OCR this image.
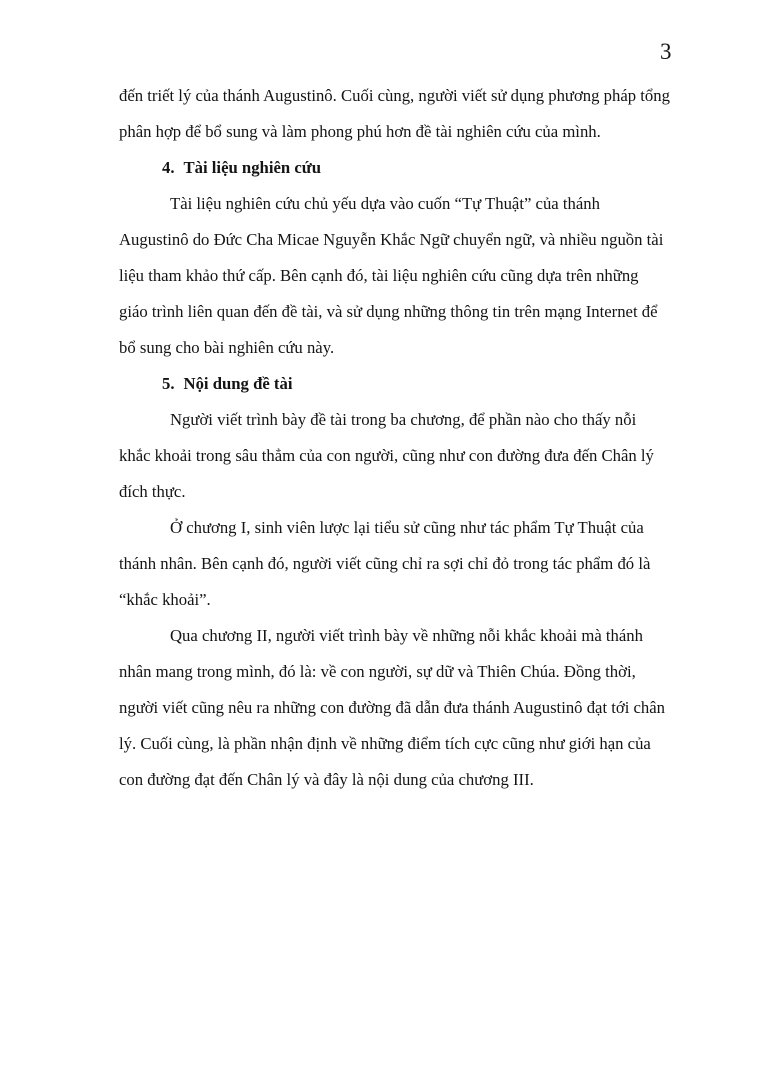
3

đến triết lý của thánh Augustinô. Cuối cùng, người viết sử dụng phương pháp tổng phân hợp để bổ sung và làm phong phú hơn đề tài nghiên cứu của mình.

4. Tài liệu nghiên cứu

Tài liệu nghiên cứu chủ yếu dựa vào cuốn “Tự Thuật” của thánh Augustinô do Đức Cha Micae Nguyễn Khắc Ngữ chuyển ngữ, và nhiều nguồn tài liệu tham khảo thứ cấp. Bên cạnh đó, tài liệu nghiên cứu cũng dựa trên những giáo trình liên quan đến đề tài, và sử dụng những thông tin trên mạng Internet để bổ sung cho bài nghiên cứu này.

5. Nội dung đề tài

Người viết trình bày đề tài trong ba chương, để phần nào cho thấy nỗi khắc khoải trong sâu thẳm của con người, cũng như con đường đưa đến Chân lý đích thực.

Ở chương I, sinh viên lược lại tiểu sử cũng như tác phẩm Tự Thuật của thánh nhân. Bên cạnh đó, người viết cũng chỉ ra sợi chỉ đỏ trong tác phẩm đó là “khắc khoải”.

Qua chương II, người viết trình bày về những nỗi khắc khoải mà thánh nhân mang trong mình, đó là: về con người, sự dữ và Thiên Chúa. Đồng thời, người viết cũng nêu ra những con đường đã dẫn đưa thánh Augustinô đạt tới chân lý. Cuối cùng, là phần nhận định về những điểm tích cực cũng như giới hạn của con đường đạt đến Chân lý và đây là nội dung của chương III.
